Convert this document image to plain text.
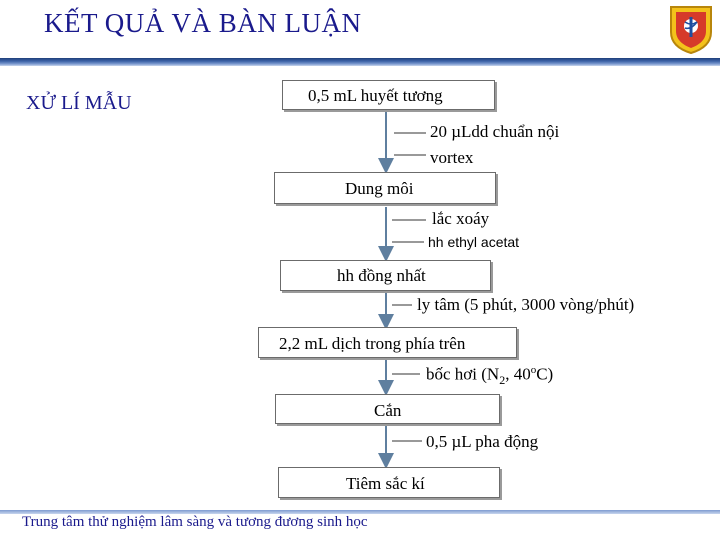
KẾT QUẢ VÀ BÀN LUẬN
XỬ LÍ MẪU	0,5 mL huyết tương
20 µLdd chuẩn nội
vortex
Dung môi
lắc xoáy
hh ethyl acetat
hh đồng nhất
ly tâm (5 phút, 3000 vòng/phút)
2,2 mL dịch trong phía trên
bốc hơi ($N_2$, 40$^o$C)
Cắn
0,5 µL pha động
Tiêm sắc kí
Trung tâm thử nghiệm lâm sàng và tương đương sinh học
